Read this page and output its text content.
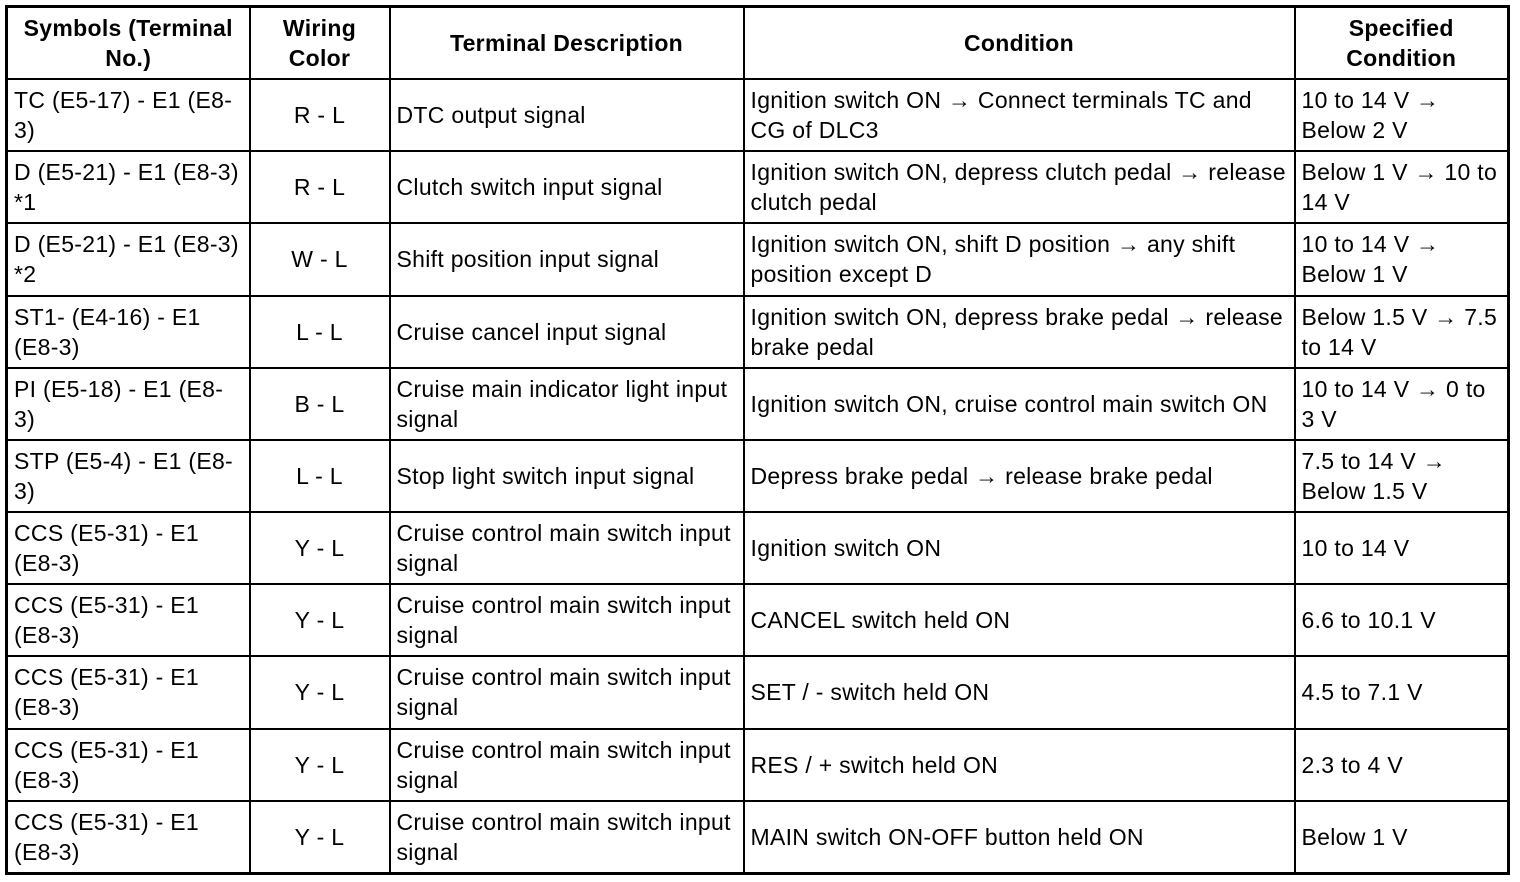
Symbols (Terminal No.)	Wiring Color	Terminal Description	Condition	Specified Condition
TC (E5-17) - E1 (E8-3)	R - L	DTC output signal	Ignition switch ON → Connect terminals TC and CG of DLC3	10 to 14 V → Below 2 V
D (E5-21) - E1 (E8-3) *1	R - L	Clutch switch input signal	Ignition switch ON, depress clutch pedal → release clutch pedal	Below 1 V → 10 to 14 V
D (E5-21) - E1 (E8-3) *2	W - L	Shift position input signal	Ignition switch ON, shift D position → any shift position except D	10 to 14 V → Below 1 V
ST1- (E4-16) - E1 (E8-3)	L - L	Cruise cancel input signal	Ignition switch ON, depress brake pedal → release brake pedal	Below 1.5 V → 7.5 to 14 V
PI (E5-18) - E1 (E8-3)	B - L	Cruise main indicator light input signal	Ignition switch ON, cruise control main switch ON	10 to 14 V → 0 to 3 V
STP (E5-4) - E1 (E8-3)	L - L	Stop light switch input signal	Depress brake pedal → release brake pedal	7.5 to 14 V → Below 1.5 V
CCS (E5-31) - E1 (E8-3)	Y - L	Cruise control main switch input signal	Ignition switch ON	10 to 14 V
CCS (E5-31) - E1 (E8-3)	Y - L	Cruise control main switch input signal	CANCEL switch held ON	6.6 to 10.1 V
CCS (E5-31) - E1 (E8-3)	Y - L	Cruise control main switch input signal	SET / - switch held ON	4.5 to 7.1 V
CCS (E5-31) - E1 (E8-3)	Y - L	Cruise control main switch input signal	RES / + switch held ON	2.3 to 4 V
CCS (E5-31) - E1 (E8-3)	Y - L	Cruise control main switch input signal	MAIN switch ON-OFF button held ON	Below 1 V
